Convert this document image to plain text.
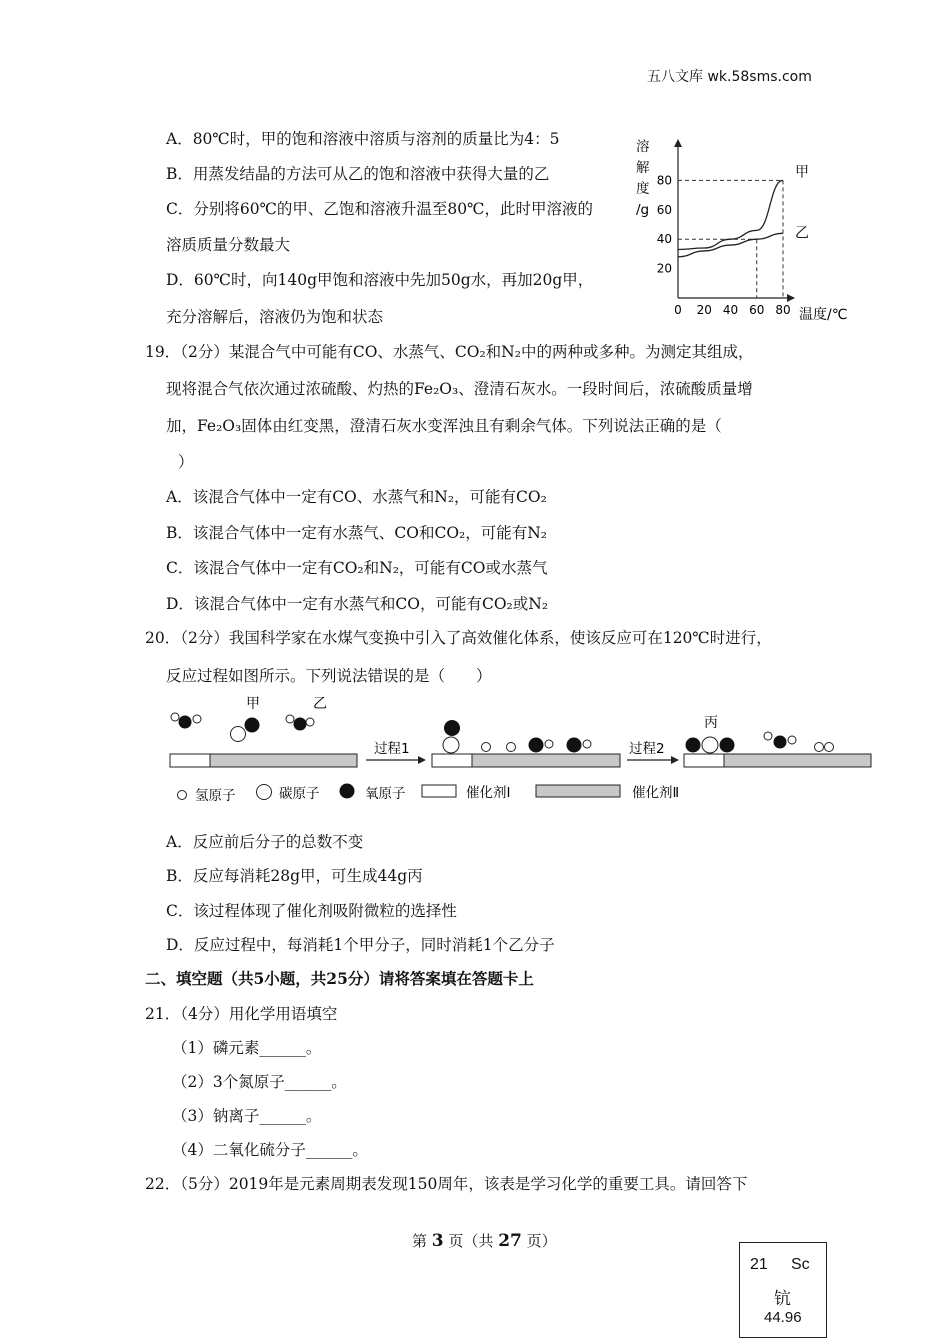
五八文库 wk.58sms.com
A．80℃时，甲的饱和溶液中溶质与溶剂的质量比为4：5
B．用蒸发结晶的方法可从乙的饱和溶液中获得大量的乙
C．分别将60℃的甲、乙饱和溶液升温至80℃，此时甲溶液的
溶质质量分数最大
D．60℃时，向140g甲饱和溶液中先加50g水，再加20g甲，
充分溶解后，溶液仍为饱和状态
溶
解
度
/g
温度/℃
0 20 40 60 80
20
40
60
80	甲
乙
19．（2分）某混合气中可能有CO、水蒸气、CO₂和N₂中的两种或多种。为测定其组成，
现将混合气依次通过浓硫酸、灼热的Fe₂O₃、澄清石灰水。一段时间后，浓硫酸质量增
加，Fe₂O₃固体由红变黑，澄清石灰水变浑浊且有剩余气体。下列说法正确的是（
）
A．该混合气体中一定有CO、水蒸气和N₂，可能有CO₂
B．该混合气体中一定有水蒸气、CO和CO₂，可能有N₂
C．该混合气体中一定有CO₂和N₂，可能有CO或水蒸气
D．该混合气体中一定有水蒸气和CO，可能有CO₂或N₂
20．（2分）我国科学家在水煤气变换中引入了高效催化体系，使该反应可在120℃时进行，
反应过程如图所示。下列说法错误的是（　　）
甲	乙
过程1	过程2
丙
氢原子	碳原子	氧原子	催化剂Ⅰ	催化剂Ⅱ
A．反应前后分子的总数不变
B．反应每消耗28g甲，可生成44g丙
C．该过程体现了催化剂吸附微粒的选择性
D．反应过程中，每消耗1个甲分子，同时消耗1个乙分子
二、填空题（共5小题，共25分）请将答案填在答题卡上
21．（4分）用化学用语填空
（1）磷元素______。
（2）3个氮原子______。
（3）钠离子______。
（4）二氧化硫分子______。
22．（5分）2019年是元素周期表发现150周年，该表是学习化学的重要工具。请回答下
第 3 页（共 27 页）
21 Sc
钪
44.96
